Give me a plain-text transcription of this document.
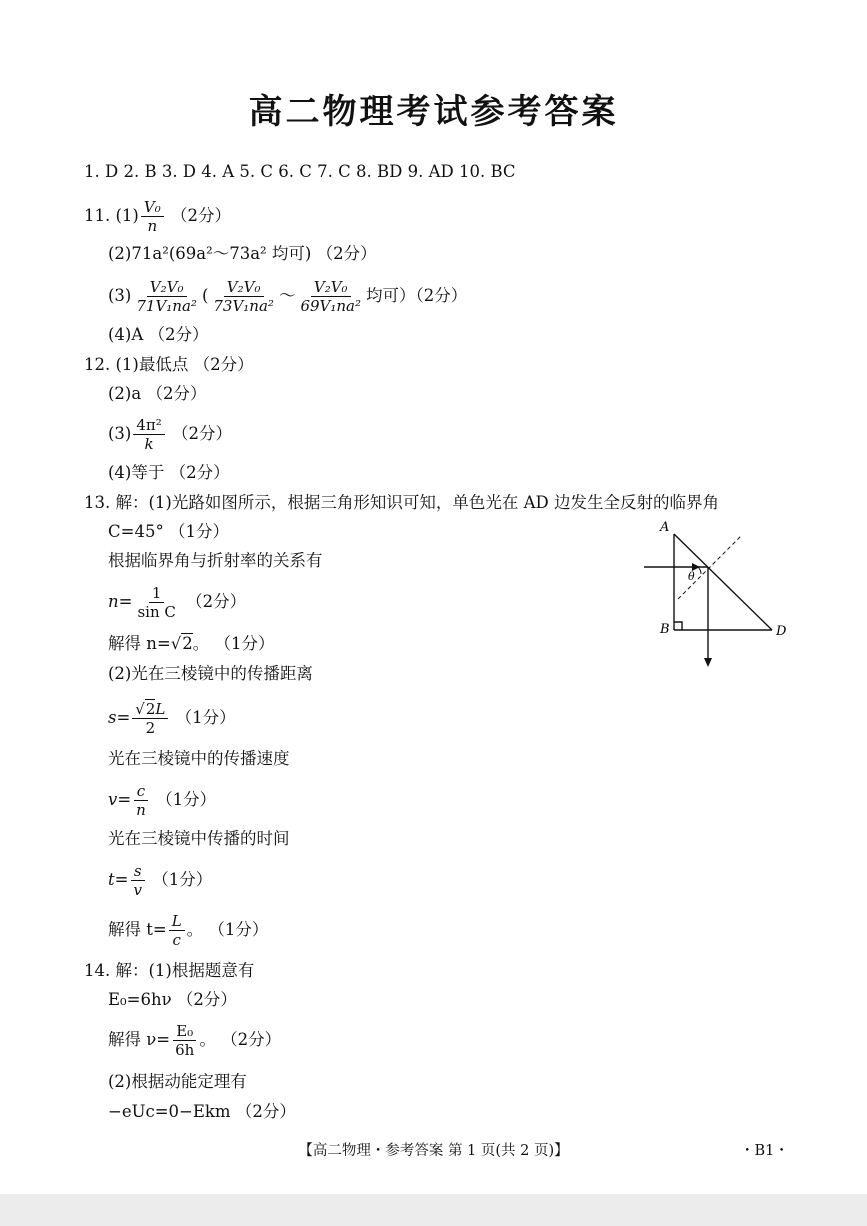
高二物理考试参考答案
1. D 2. B 3. D 4. A 5. C 6. C 7. C 8. BD 9. AD 10. BC
11. $(1) \frac{\text{V₀}}{n} (2$分）
(2)71a²(69a²～73a² 均可) （2分）
$(3) \frac{\text{V₂V₀}}{\text{71V₁na²}}$ ( $\frac{\text{V₂V₀}}{\text{73V₁na²}}$ ～ $\frac{\text{V₂V₀}}{\text{69V₁na²}}$ 均可）（2分）
(4)A （2分）
12. (1)最低点 （2分）
(2)a （2分）
$(3) \frac{\text{4π²}}{k} (2$分）
(4)等于 （2分）
13. 解：(1)光路如图所示，根据三角形知识可知，单色光在 AD 边发生全反射的临界角
C=45° （1分）
根据临界角与折射率的关系有
$n= \frac{1}{\text{sin C}} (2$分）
解得 n=√2。 （1分）
(2)光在三棱镜中的传播距离
$s= \frac{√2L}{2} (1$分）
光在三棱镜中的传播速度
$v= \frac{c}{n} (1$分）
光在三棱镜中传播的时间
$t= \frac{s}{v} (1$分）
解得 $t= \frac{L}{c}$ 。 （1分）
A
B	D
θ
14. 解：(1)根据题意有
E₀=6hν （2分）
解得 $\nu= \frac{\text{E₀}}{6h}$ 。 （2分）
(2)根据动能定理有
−eUc=0−Ekm （2分）
【高二物理・参考答案 第 1 页(共 2 页)】	・B1・
